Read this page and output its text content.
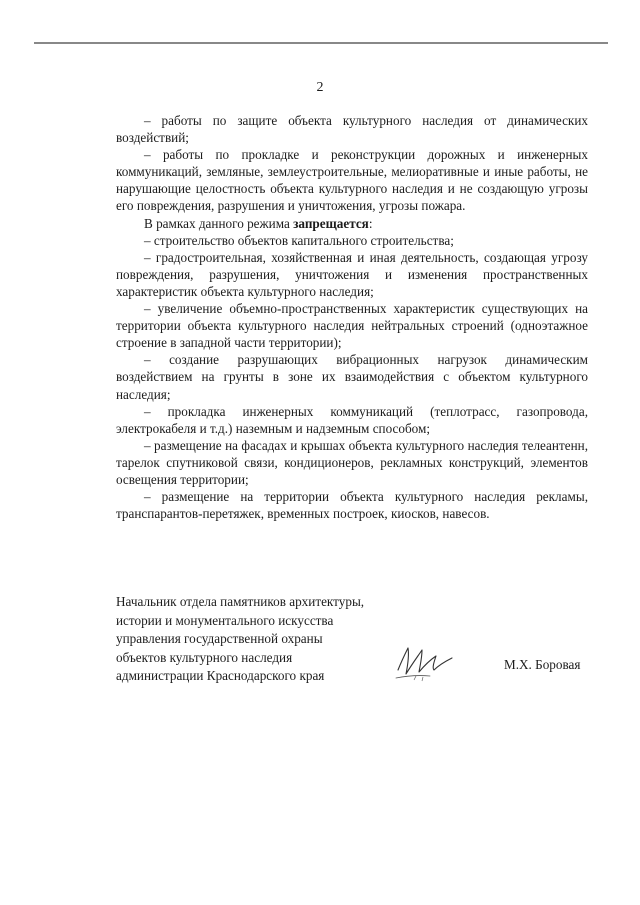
2

– работы по защите объекта культурного наследия от динамических воздействий;

– работы по прокладке и реконструкции дорожных и инженерных коммуникаций, земляные, землеустроительные, мелиоративные и иные работы, не нарушающие целостность объекта культурного наследия и не создающую угрозы его повреждения, разрушения и уничтожения, угрозы пожара.

В рамках данного режима запрещается:

– строительство объектов капитального строительства;

– градостроительная, хозяйственная и иная деятельность, создающая угрозу повреждения, разрушения, уничтожения и изменения пространственных характеристик объекта культурного наследия;

– увеличение объемно-пространственных характеристик существующих на территории объекта культурного наследия нейтральных строений (одноэтажное строение в западной части территории);

– создание разрушающих вибрационных нагрузок динамическим воздействием на грунты в зоне их взаимодействия с объектом культурного наследия;

– прокладка инженерных коммуникаций (теплотрасс, газопровода, электрокабеля и т.д.) наземным и надземным способом;

– размещение на фасадах и крышах объекта культурного наследия телеантенн, тарелок спутниковой связи, кондиционеров, рекламных конструкций, элементов освещения территории;

– размещение на территории объекта культурного наследия рекламы, транспарантов-перетяжек, временных построек, киосков, навесов.

Начальник отдела памятников архитектуры,
истории и монументального искусства
управления государственной охраны
объектов культурного наследия
администрации Краснодарского края
М.Х. Боровая
